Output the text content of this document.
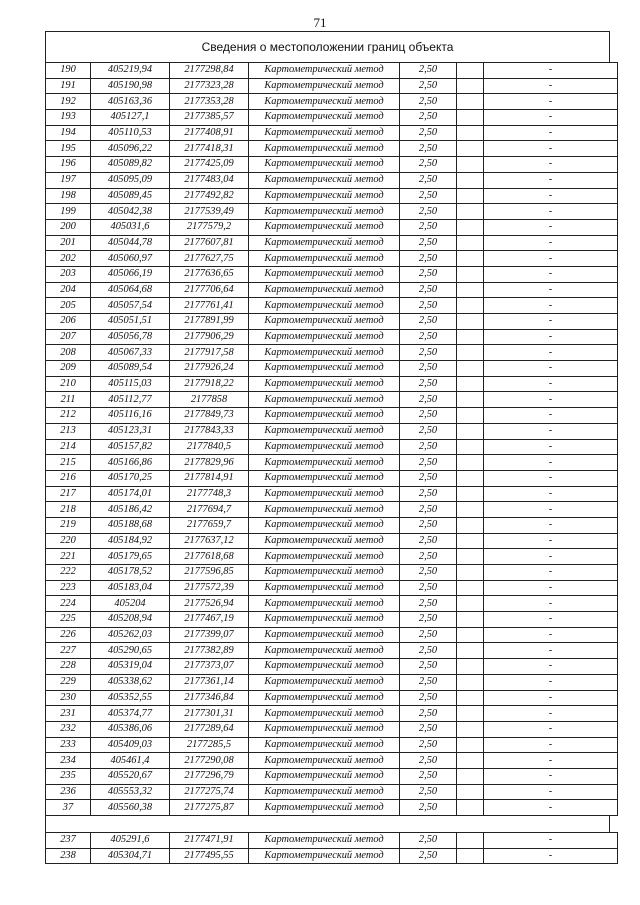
71
Сведения о местоположении границ объекта
190	405219,94	2177298,84	Картометрический метод	2,50		-
191	405190,98	2177323,28	Картометрический метод	2,50		-
192	405163,36	2177353,28	Картометрический метод	2,50		-
193	405127,1	2177385,57	Картометрический метод	2,50		-
194	405110,53	2177408,91	Картометрический метод	2,50		-
195	405096,22	2177418,31	Картометрический метод	2,50		-
196	405089,82	2177425,09	Картометрический метод	2,50		-
197	405095,09	2177483,04	Картометрический метод	2,50		-
198	405089,45	2177492,82	Картометрический метод	2,50		-
199	405042,38	2177539,49	Картометрический метод	2,50		-
200	405031,6	2177579,2	Картометрический метод	2,50		-
201	405044,78	2177607,81	Картометрический метод	2,50		-
202	405060,97	2177627,75	Картометрический метод	2,50		-
203	405066,19	2177636,65	Картометрический метод	2,50		-
204	405064,68	2177706,64	Картометрический метод	2,50		-
205	405057,54	2177761,41	Картометрический метод	2,50		-
206	405051,51	2177891,99	Картометрический метод	2,50		-
207	405056,78	2177906,29	Картометрический метод	2,50		-
208	405067,33	2177917,58	Картометрический метод	2,50		-
209	405089,54	2177926,24	Картометрический метод	2,50		-
210	405115,03	2177918,22	Картометрический метод	2,50		-
211	405112,77	2177858	Картометрический метод	2,50		-
212	405116,16	2177849,73	Картометрический метод	2,50		-
213	405123,31	2177843,33	Картометрический метод	2,50		-
214	405157,82	2177840,5	Картометрический метод	2,50		-
215	405166,86	2177829,96	Картометрический метод	2,50		-
216	405170,25	2177814,91	Картометрический метод	2,50		-
217	405174,01	2177748,3	Картометрический метод	2,50		-
218	405186,42	2177694,7	Картометрический метод	2,50		-
219	405188,68	2177659,7	Картометрический метод	2,50		-
220	405184,92	2177637,12	Картометрический метод	2,50		-
221	405179,65	2177618,68	Картометрический метод	2,50		-
222	405178,52	2177596,85	Картометрический метод	2,50		-
223	405183,04	2177572,39	Картометрический метод	2,50		-
224	405204	2177526,94	Картометрический метод	2,50		-
225	405208,94	2177467,19	Картометрический метод	2,50		-
226	405262,03	2177399,07	Картометрический метод	2,50		-
227	405290,65	2177382,89	Картометрический метод	2,50		-
228	405319,04	2177373,07	Картометрический метод	2,50		-
229	405338,62	2177361,14	Картометрический метод	2,50		-
230	405352,55	2177346,84	Картометрический метод	2,50		-
231	405374,77	2177301,31	Картометрический метод	2,50		-
232	405386,06	2177289,64	Картометрический метод	2,50		-
233	405409,03	2177285,5	Картометрический метод	2,50		-
234	405461,4	2177290,08	Картометрический метод	2,50		-
235	405520,67	2177296,79	Картометрический метод	2,50		-
236	405553,32	2177275,74	Картометрический метод	2,50		-
37	405560,38	2177275,87	Картометрический метод	2,50		-
237	405291,6	2177471,91	Картометрический метод	2,50		-
238	405304,71	2177495,55	Картометрический метод	2,50		-
